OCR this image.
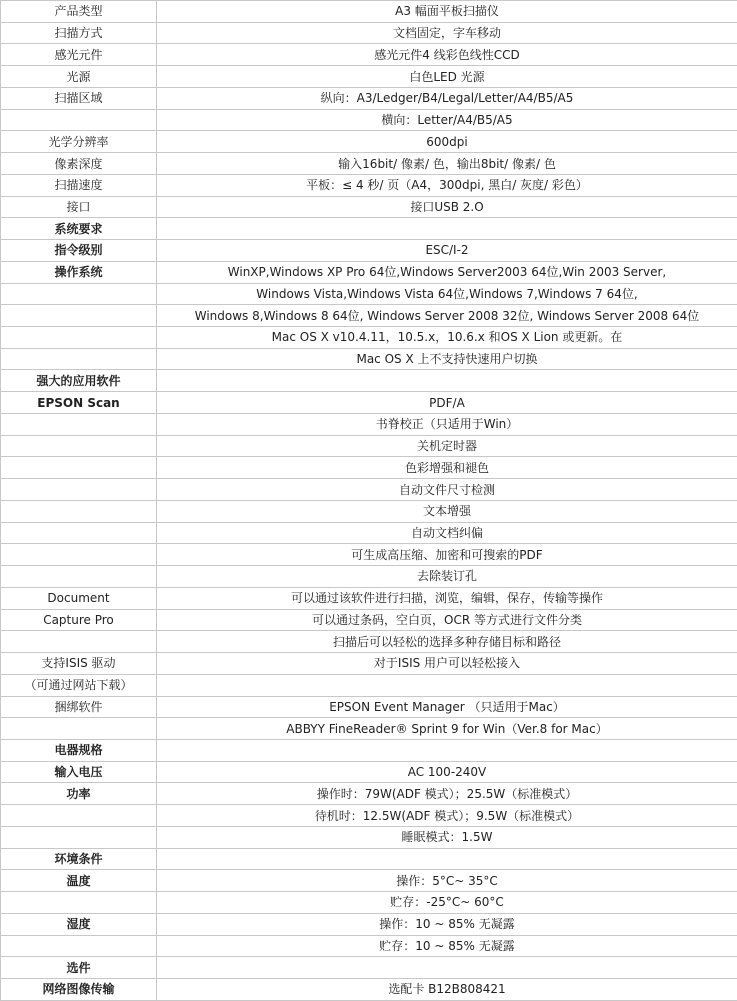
产品类型	A3 幅面平板扫描仪
扫描方式	文档固定，字车移动
感光元件	感光元件4 线彩色线性CCD
光源	白色LED 光源
扫描区域	纵向：A3/Ledger/B4/Legal/Letter/A4/B5/A5
	横向：Letter/A4/B5/A5
光学分辨率	600dpi
像素深度	输入16bit/ 像素/ 色，输出8bit/ 像素/ 色
扫描速度	平板：≤ 4 秒/ 页（A4，300dpi, 黑白/ 灰度/ 彩色）
接口	接口USB 2.O
系统要求	
指令级别	ESC/I-2
操作系统	WinXP,Windows XP Pro 64位,Windows Server2003 64位,Win 2003 Server,
	Windows Vista,Windows Vista 64位,Windows 7,Windows 7 64位,
	Windows 8,Windows 8 64位, Windows Server 2008 32位, Windows Server 2008 64位
	Mac OS X v10.4.11，10.5.x，10.6.x 和OS X Lion 或更新。在
	Mac OS X 上不支持快速用户切换
强大的应用软件	
EPSON Scan	PDF/A
	书脊校正（只适用于Win）
	关机定时器
	色彩增强和褪色
	自动文件尺寸检测
	文本增强
	自动文档纠偏
	可生成高压缩、加密和可搜索的PDF
	去除装订孔
Document	可以通过该软件进行扫描，浏览，编辑，保存，传输等操作
Capture Pro	可以通过条码，空白页，OCR 等方式进行文件分类
	扫描后可以轻松的选择多种存储目标和路径
支持ISIS 驱动	对于ISIS 用户可以轻松接入
（可通过网站下载）	
捆绑软件	EPSON Event Manager （只适用于Mac）
	ABBYY FineReader® Sprint 9 for Win（Ver.8 for Mac）
电器规格	
输入电压	AC 100-240V
功率	操作时：79W(ADF 模式）；25.5W（标准模式）
	待机时：12.5W(ADF 模式）；9.5W（标准模式）
	睡眠模式：1.5W
环境条件	
温度	操作：5°C~ 35°C
	贮存：-25°C~ 60°C
湿度	操作：10 ~ 85% 无凝露
	贮存：10 ~ 85% 无凝露
选件	
网络图像传输	选配卡 B12B808421
